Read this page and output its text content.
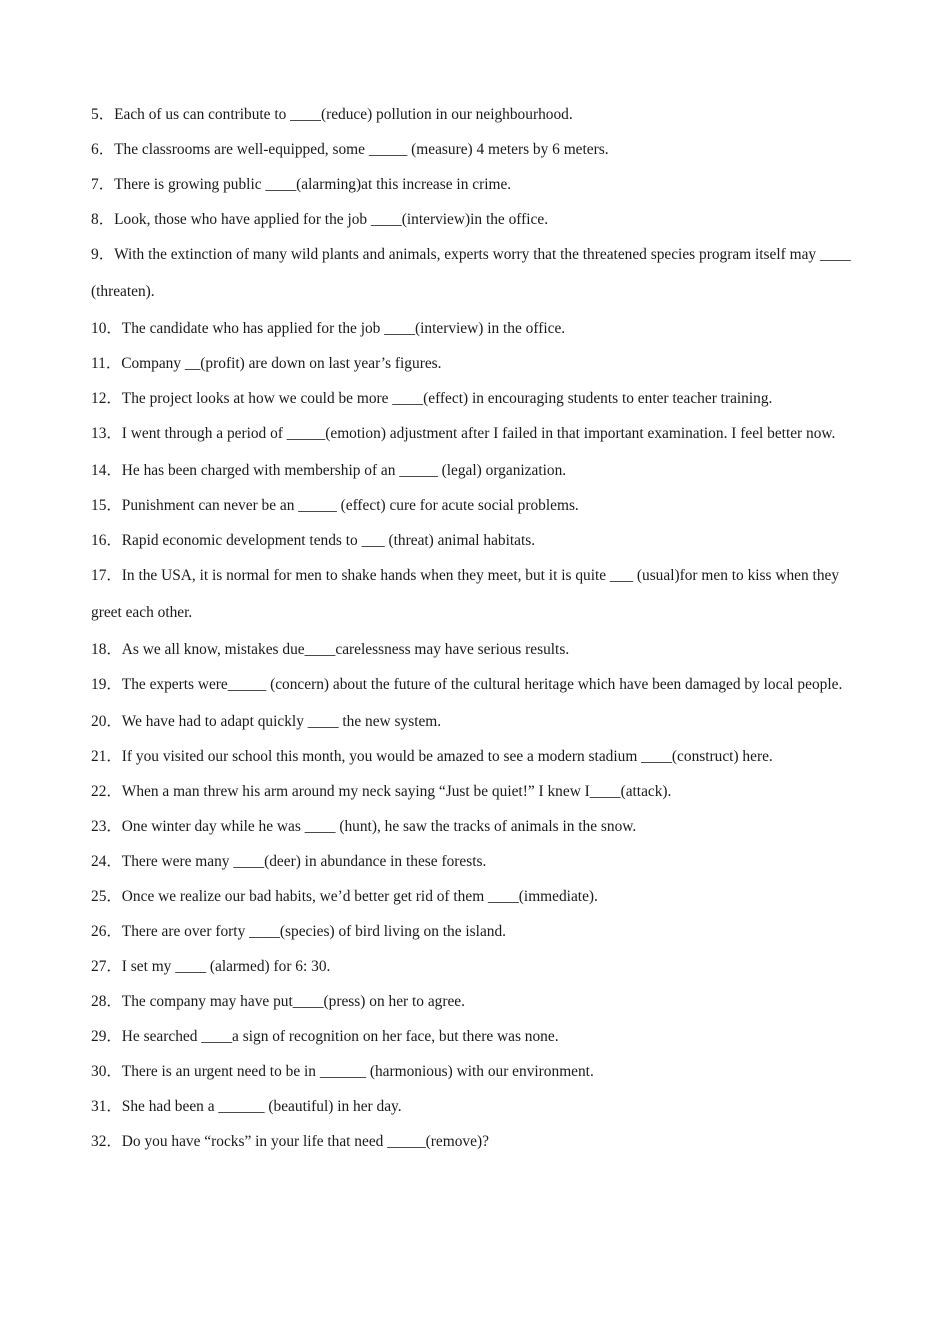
5．Each of us can contribute to ____(reduce) pollution in our neighbourhood.

6．The classrooms are well-equipped, some _____ (measure) 4 meters by 6 meters.

7．There is growing public ____(alarming)at this increase in crime.

8．Look, those who have applied for the job ____(interview)in the office.

9．With the extinction of many wild plants and animals, experts worry that the threatened species program itself may ____ (threaten).

10．The candidate who has applied for the job ____(interview) in the office.

11．Company __(profit) are down on last year’s figures.

12．The project looks at how we could be more ____(effect) in encouraging students to enter teacher training.

13．I went through a period of _____(emotion) adjustment after I failed in that important examination. I feel better now.

14．He has been charged with membership of an _____ (legal) organization.

15．Punishment can never be an _____ (effect) cure for acute social problems.

16．Rapid economic development tends to ___ (threat) animal habitats.

17．In the USA, it is normal for men to shake hands when they meet, but it is quite ___ (usual)for men to kiss when they greet each other.

18．As we all know, mistakes due____carelessness may have serious results.

19．The experts were_____ (concern) about the future of the cultural heritage which have been damaged by local people.

20．We have had to adapt quickly ____ the new system.

21．If you visited our school this month, you would be amazed to see a modern stadium ____(construct) here.

22．When a man threw his arm around my neck saying “Just be quiet!” I knew I____(attack).

23．One winter day while he was ____ (hunt), he saw the tracks of animals in the snow.

24．There were many ____(deer) in abundance in these forests.

25．Once we realize our bad habits, we’d better get rid of them ____(immediate).

26．There are over forty ____(species) of bird living on the island.

27．I set my ____ (alarmed) for 6: 30.

28．The company may have put____(press) on her to agree.

29．He searched ____a sign of recognition on her face, but there was none.

30．There is an urgent need to be in ______ (harmonious) with our environment.

31．She had been a ______ (beautiful) in her day.

32．Do you have “rocks” in your life that need _____(remove)?
